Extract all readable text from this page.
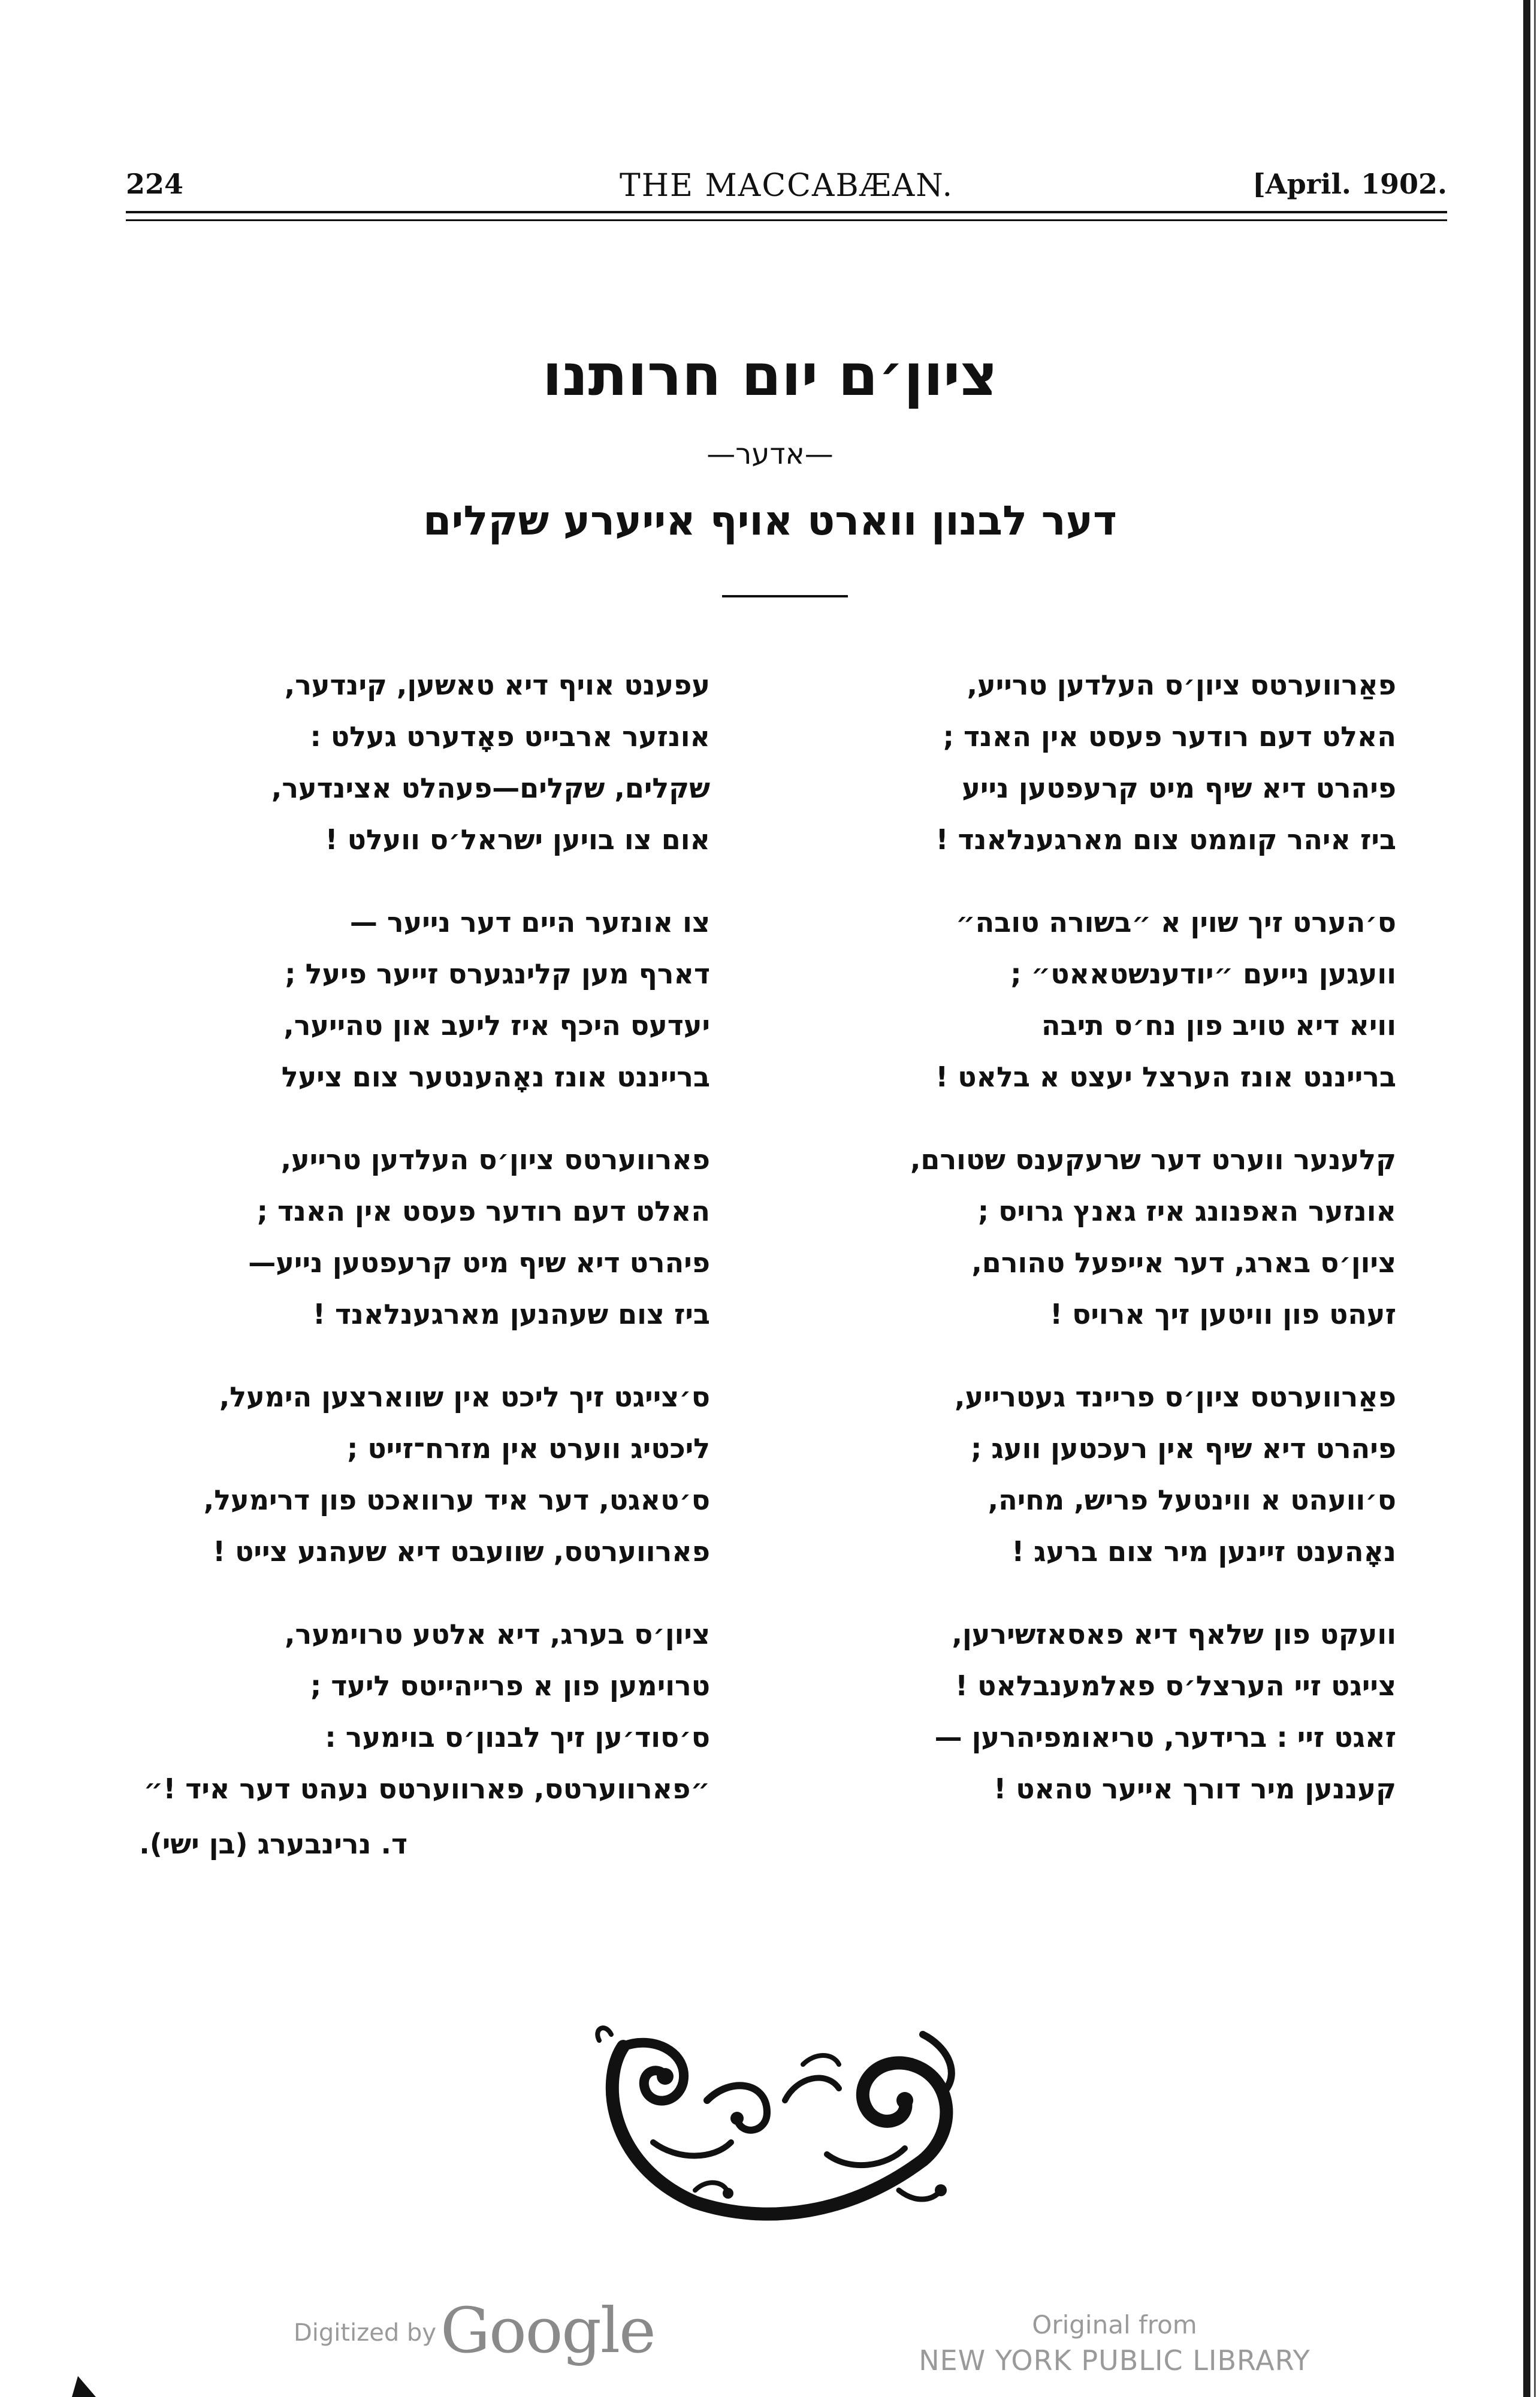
224	THE MACCABÆAN.	[April. 1902.
ציון׳ם יום חרותנו
—אדער—
דער לבנון ווארט אויף אייערע שקלים
פאַרווערטס ציון׳ס העלדען טרייע,
האלט דעם רודער פעסט אין האנד ;
פיהרט דיא שיף מיט קרעפטען נייע
ביז איהר קוממט צום מארגענלאנד !
ס׳הערט זיך שוין א ״בשורה טובה״
וועגען נייעם ״יודענשטאאט״ ;
וויא דיא טויב פון נח׳ס תיבה
ברייננט אונז הערצל יעצט א בלאט !
קלענער ווערט דער שרעקענס שטורם,
אונזער האפנונג איז גאנץ גרויס ;
ציון׳ס בארג, דער אייפעל טהורם,
זעהט פון וויטען זיך ארויס !
פאַרווערטס ציון׳ס פריינד געטרייע,
פיהרט דיא שיף אין רעכטען וועג ;
ס׳וועהט א ווינטעל פריש, מחיה,
נאָהענט זיינען מיר צום ברעג !
וועקט פון שלאף דיא פאסאזשירען,
צייגט זיי הערצל׳ס פאלמענבלאט !
זאגט זיי : ברידער, טריאומפיהרען —
קעננען מיר דורך אייער טהאט !
עפענט אויף דיא טאשען, קינדער,
אונזער ארבייט פאָדערט געלט :
שקלים, שקלים—פעהלט אצינדער,
אום צו בויען ישראל׳ס וועלט !
צו אונזער היים דער נייער —
דארף מען קלינגערס זייער פיעל ;
יעדעס היכף איז ליעב און טהייער,
ברייננט אונז נאָהענטער צום ציעל
פארווערטס ציון׳ס העלדען טרייע,
האלט דעם רודער פעסט אין האנד ;
פיהרט דיא שיף מיט קרעפטען נייע—
ביז צום שעהנען מארגענלאנד !
ס׳צייגט זיך ליכט אין שווארצען הימעל,
ליכטיג ווערט אין מזרח־זייט ;
ס׳טאגט, דער איד ערוואכט פון דרימעל,
פארווערטס, שוועבט דיא שעהנע צייט !
ציון׳ס בערג, דיא אלטע טרוימער,
טרוימען פון א פרייהייטס ליעד ;
ס׳סוד׳ען זיך לבנון׳ס בוימער :
״פארווערטס, פארווערטס נעהט דער איד !״
ד. נרינבערג (בן ישי).
Digitized by Google	Original from
NEW YORK PUBLIC LIBRARY
